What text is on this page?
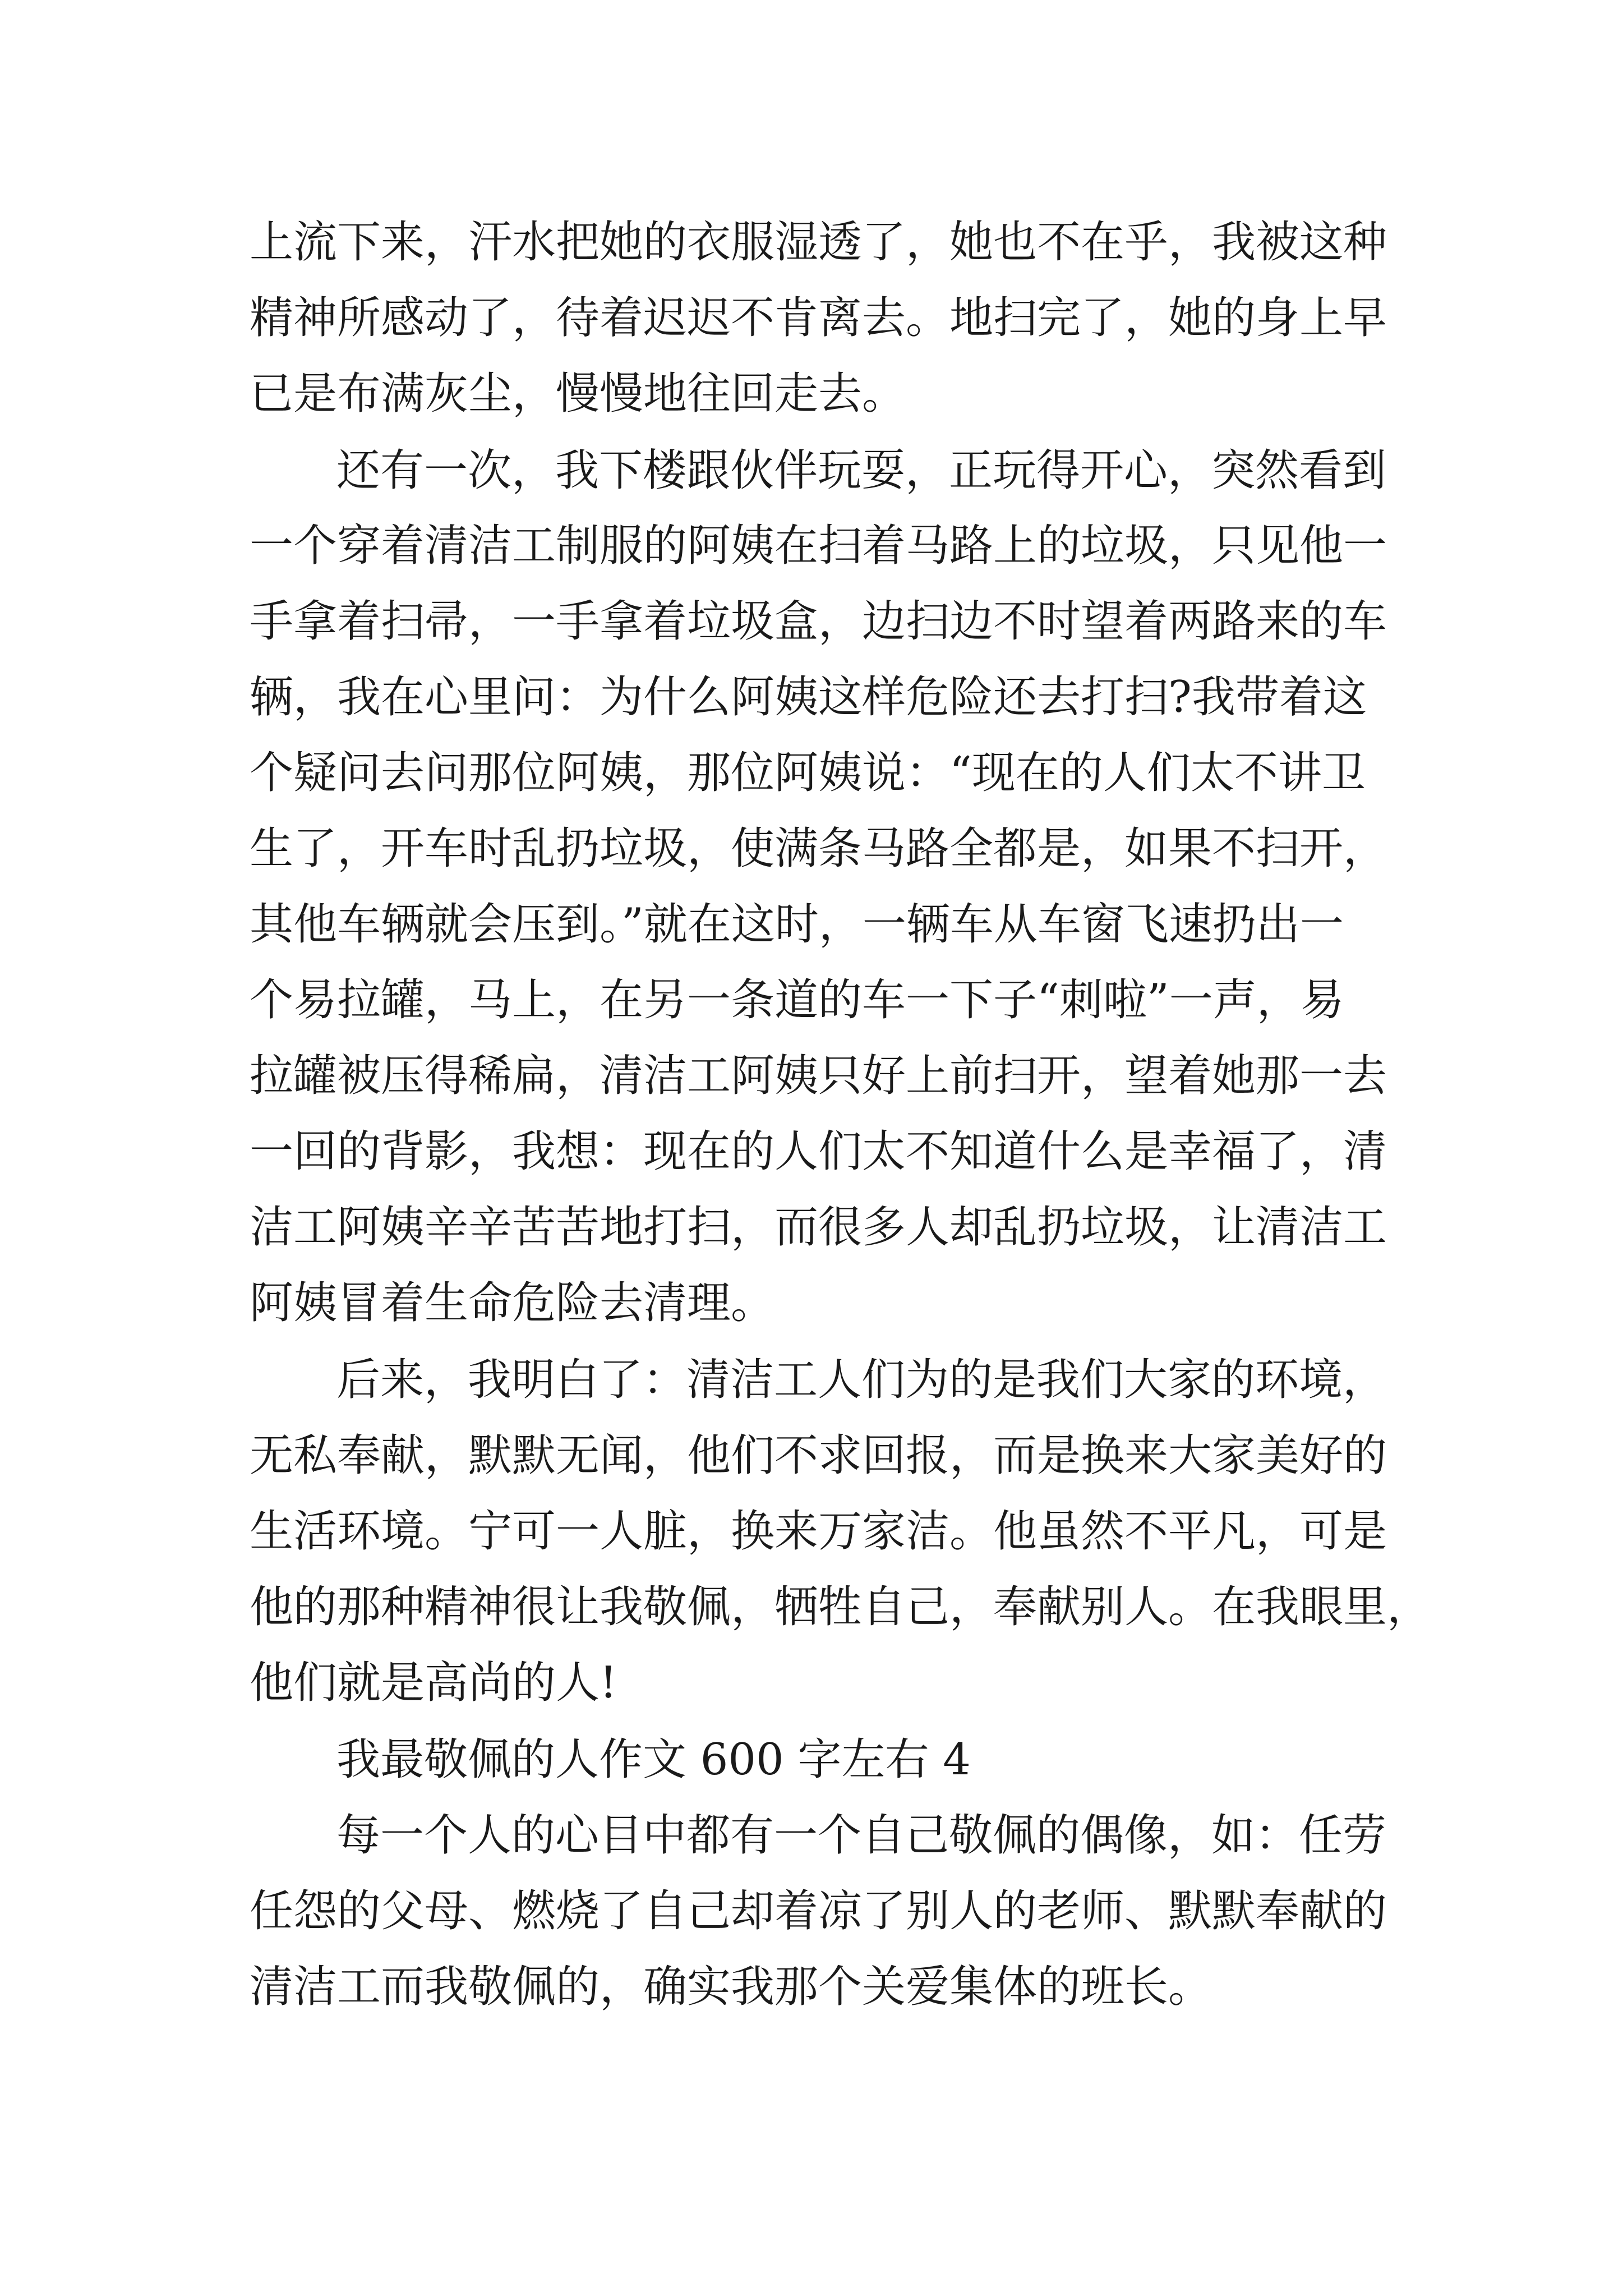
上流下来，汗水把她的衣服湿透了，她也不在乎，我被这种
精神所感动了，待着迟迟不肯离去。地扫完了，她的身上早
已是布满灰尘，慢慢地往回走去。
还有一次，我下楼跟伙伴玩耍，正玩得开心，突然看到
一个穿着清洁工制服的阿姨在扫着马路上的垃圾，只见他一
手拿着扫帚，一手拿着垃圾盒，边扫边不时望着两路来的车
辆，我在心里问：为什么阿姨这样危险还去打扫?我带着这
个疑问去问那位阿姨，那位阿姨说：“现在的人们太不讲卫
生了，开车时乱扔垃圾，使满条马路全都是，如果不扫开，
其他车辆就会压到。”就在这时，一辆车从车窗飞速扔出一
个易拉罐，马上，在另一条道的车一下子“刺啦”一声，易
拉罐被压得稀扁，清洁工阿姨只好上前扫开，望着她那一去
一回的背影，我想：现在的人们太不知道什么是幸福了，清
洁工阿姨辛辛苦苦地打扫，而很多人却乱扔垃圾，让清洁工
阿姨冒着生命危险去清理。
后来，我明白了：清洁工人们为的是我们大家的环境，
无私奉献，默默无闻，他们不求回报，而是换来大家美好的
生活环境。宁可一人脏，换来万家洁。他虽然不平凡，可是
他的那种精神很让我敬佩，牺牲自己，奉献别人。在我眼里，
他们就是高尚的人!
我最敬佩的人作文 600 字左右 4
每一个人的心目中都有一个自己敬佩的偶像，如：任劳
任怨的父母、燃烧了自己却着凉了别人的老师、默默奉献的
清洁工而我敬佩的，确实我那个关爱集体的班长。
